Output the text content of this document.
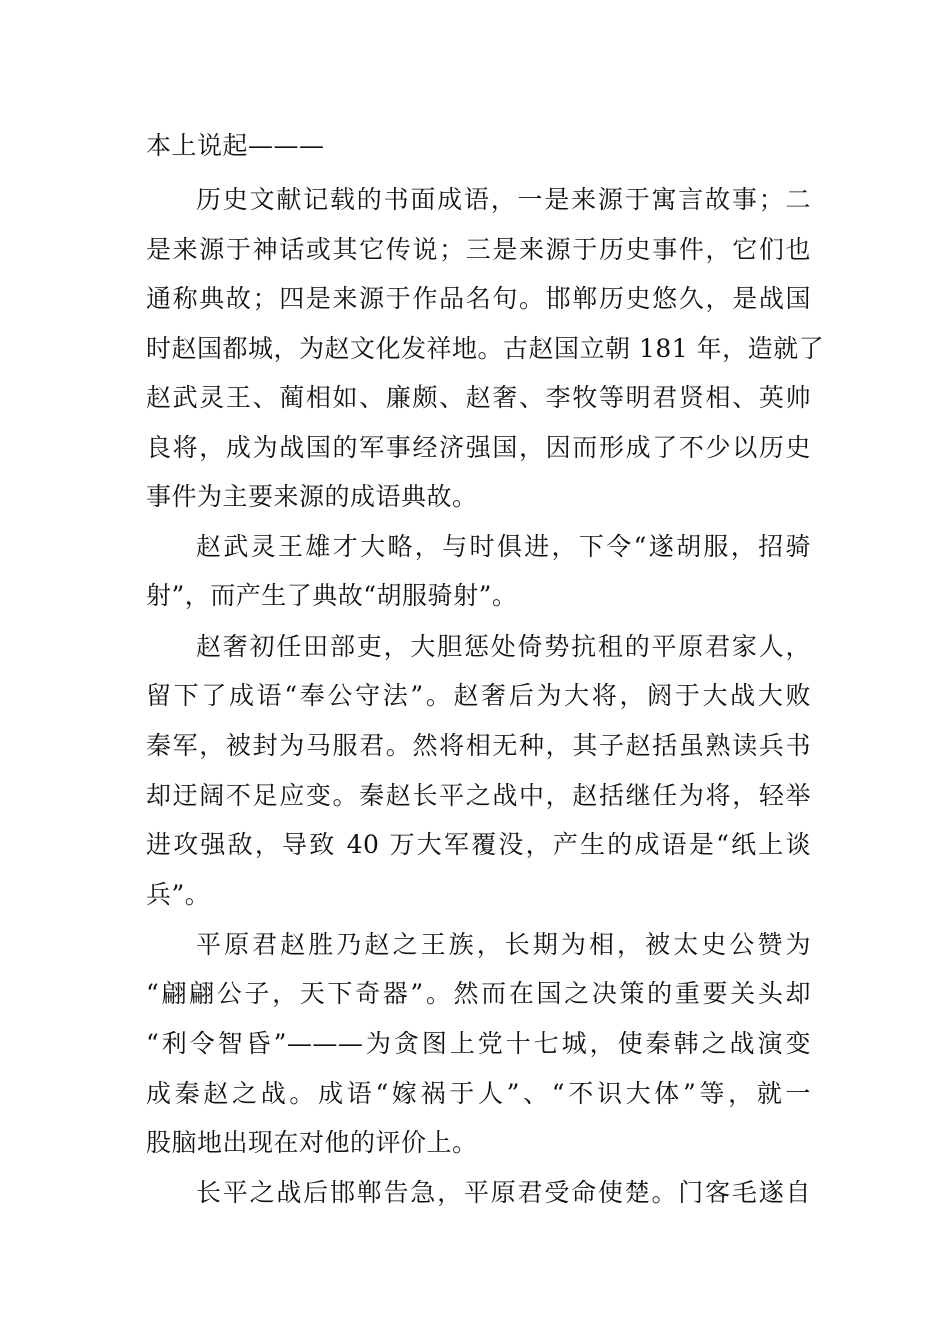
本上说起———
历史文献记载的书面成语，一是来源于寓言故事；二
是来源于神话或其它传说；三是来源于历史事件，它们也
通称典故；四是来源于作品名句。邯郸历史悠久，是战国
时赵国都城，为赵文化发祥地。古赵国立朝 181 年，造就了
赵武灵王、蔺相如、廉颇、赵奢、李牧等明君贤相、英帅
良将，成为战国的军事经济强国，因而形成了不少以历史
事件为主要来源的成语典故。
赵武灵王雄才大略，与时俱进，下令“遂胡服，招骑
射”，而产生了典故“胡服骑射”。
赵奢初任田部吏，大胆惩处倚势抗租的平原君家人，
留下了成语“奉公守法”。赵奢后为大将，阏于大战大败
秦军，被封为马服君。然将相无种，其子赵括虽熟读兵书
却迂阔不足应变。秦赵长平之战中，赵括继任为将，轻举
进攻强敌，导致 40 万大军覆没，产生的成语是“纸上谈
兵”。
平原君赵胜乃赵之王族，长期为相，被太史公赞为
“翩翩公子，天下奇器”。然而在国之决策的重要关头却
“利令智昏”———为贪图上党十七城，使秦韩之战演变
成秦赵之战。成语“嫁祸于人”、“不识大体”等，就一
股脑地出现在对他的评价上。
长平之战后邯郸告急，平原君受命使楚。门客毛遂自
